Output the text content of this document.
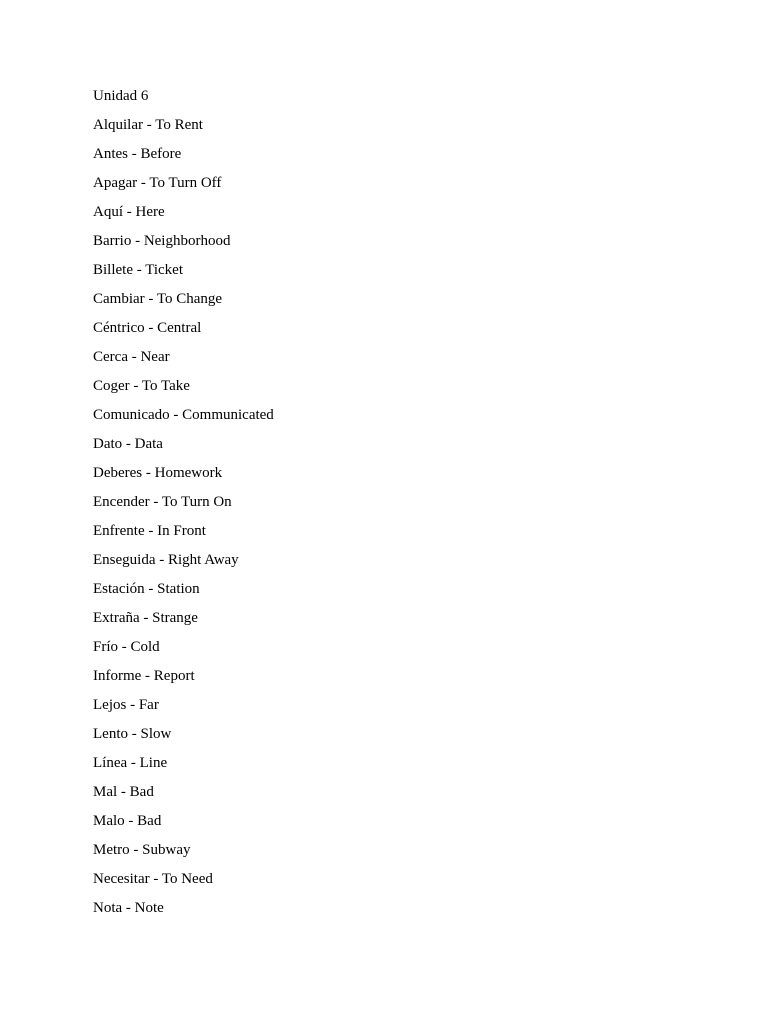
Unidad 6
Alquilar - To Rent
Antes - Before
Apagar - To Turn Off
Aquí - Here
Barrio - Neighborhood
Billete - Ticket
Cambiar - To Change
Céntrico - Central
Cerca - Near
Coger - To Take
Comunicado - Communicated
Dato - Data
Deberes - Homework
Encender - To Turn On
Enfrente - In Front
Enseguida - Right Away
Estación - Station
Extraña - Strange
Frío - Cold
Informe - Report
Lejos - Far
Lento - Slow
Línea - Line
Mal - Bad
Malo - Bad
Metro - Subway
Necesitar - To Need
Nota - Note
